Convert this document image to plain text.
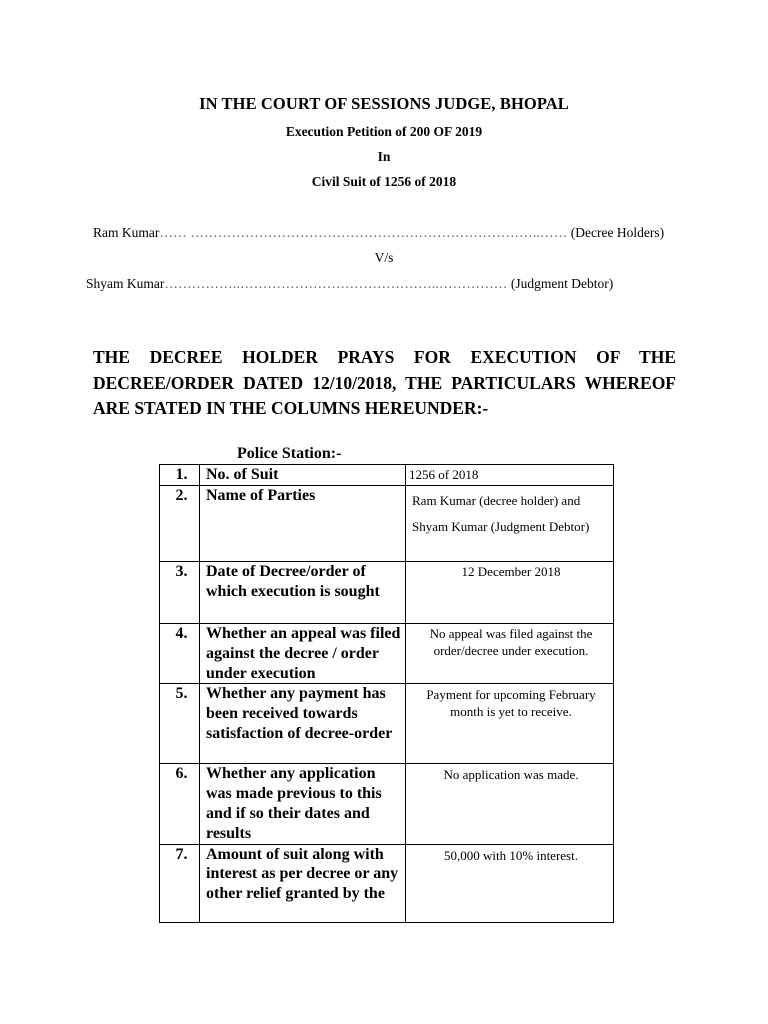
IN THE COURT OF SESSIONS JUDGE, BHOPAL
Execution Petition of 200 OF 2019
In
Civil Suit of 1256 of 2018
Ram Kumar…… …………………………………………………………………..…… (Decree Holders)
V/s
Shyam Kumar……………..……………………………………..…………… (Judgment Debtor)
THE DECREE HOLDER PRAYS FOR EXECUTION OF THE
DECREE/ORDER DATED 12/10/2018, THE PARTICULARS WHEREOF
ARE STATED IN THE COLUMNS HEREUNDER:-
Police Station:-
1.	No. of Suit	1256 of 2018
2.	Name of Parties	Ram Kumar (decree holder) and Shyam Kumar (Judgment Debtor)
3.	Date of Decree/order of which execution is sought	12 December 2018
4.	Whether an appeal was filed against the decree / order under execution	No appeal was filed against the order/decree under execution.
5.	Whether any payment has been received towards satisfaction of decree-order	Payment for upcoming February month is yet to receive.
6.	Whether any application was made previous to this and if so their dates and results	No application was made.
7.	Amount of suit along with interest as per decree or any other relief granted by the	50,000 with 10% interest.
